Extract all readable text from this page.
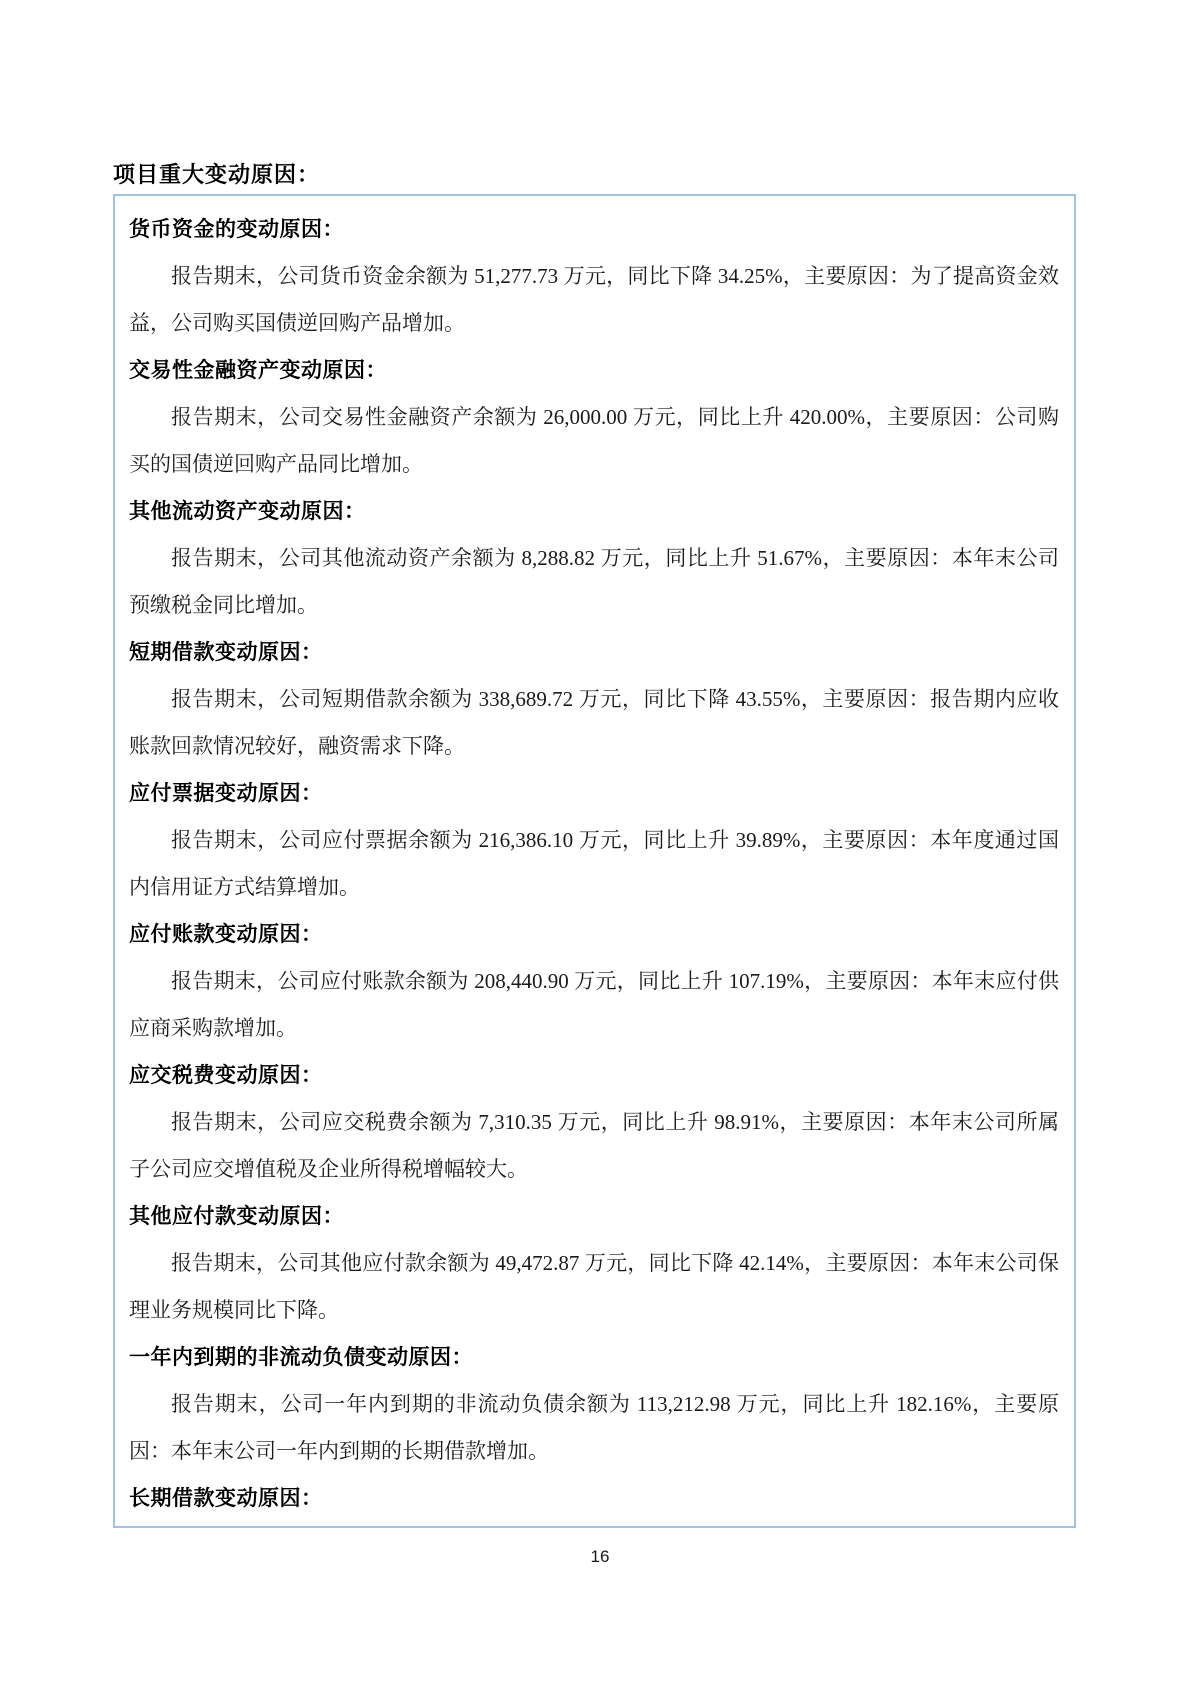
项目重大变动原因：
货币资金的变动原因：
报告期末，公司货币资金余额为 51,277.73 万元，同比下降 34.25%，主要原因：为了提高资金效益，公司购买国债逆回购产品增加。
交易性金融资产变动原因：
报告期末，公司交易性金融资产余额为 26,000.00 万元，同比上升 420.00%，主要原因：公司购买的国债逆回购产品同比增加。
其他流动资产变动原因：
报告期末，公司其他流动资产余额为 8,288.82 万元，同比上升 51.67%，主要原因：本年末公司预缴税金同比增加。
短期借款变动原因：
报告期末，公司短期借款余额为 338,689.72 万元，同比下降 43.55%，主要原因：报告期内应收账款回款情况较好，融资需求下降。
应付票据变动原因：
报告期末，公司应付票据余额为 216,386.10 万元，同比上升 39.89%，主要原因：本年度通过国内信用证方式结算增加。
应付账款变动原因：
报告期末，公司应付账款余额为 208,440.90 万元，同比上升 107.19%，主要原因：本年末应付供应商采购款增加。
应交税费变动原因：
报告期末，公司应交税费余额为 7,310.35 万元，同比上升 98.91%，主要原因：本年末公司所属子公司应交增值税及企业所得税增幅较大。
其他应付款变动原因：
报告期末，公司其他应付款余额为 49,472.87 万元，同比下降 42.14%，主要原因：本年末公司保理业务规模同比下降。
一年内到期的非流动负债变动原因：
报告期末，公司一年内到期的非流动负债余额为 113,212.98 万元，同比上升 182.16%，主要原因：本年末公司一年内到期的长期借款增加。
长期借款变动原因：
16
